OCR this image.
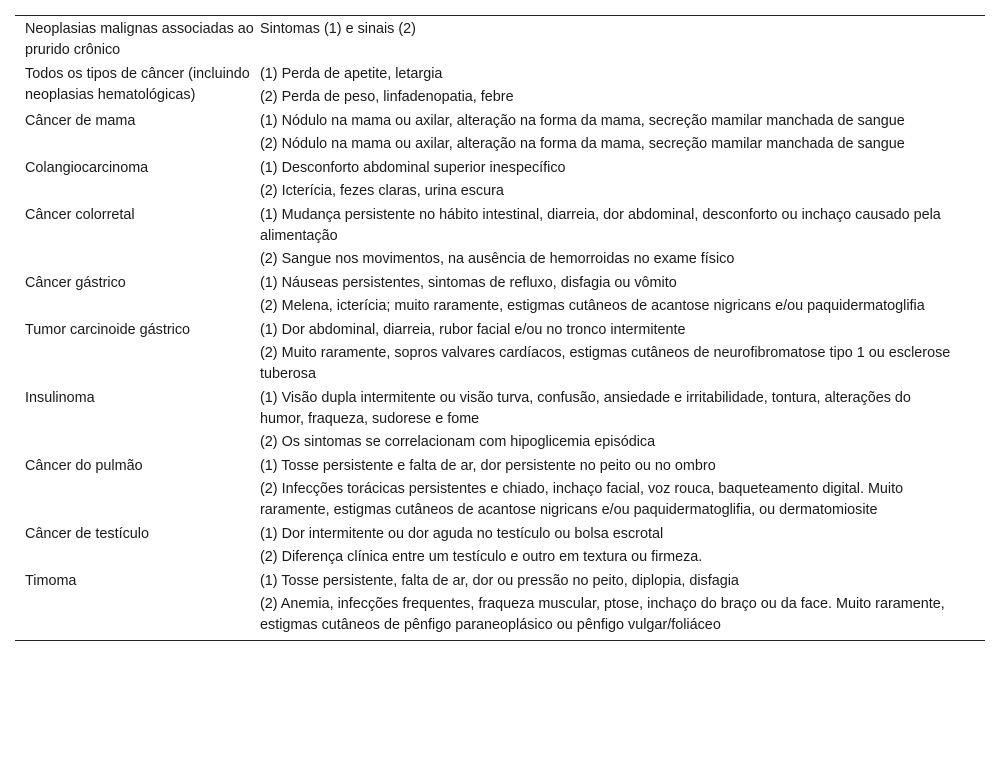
Neoplasias malignas associadas ao prurido crônico	Sintomas (1) e sinais (2)
Todos os tipos de câncer (incluindo neoplasias hematológicas)	(1) Perda de apetite, letargia
(2) Perda de peso, linfadenopatia, febre

Câncer de mama	(1) Nódulo na mama ou axilar, alteração na forma da mama, secreção mamilar manchada de sangue
(2) Nódulo na mama ou axilar, alteração na forma da mama, secreção mamilar manchada de sangue

Colangiocarcinoma	(1) Desconforto abdominal superior inespecífico
(2) Icterícia, fezes claras, urina escura

Câncer colorretal	(1) Mudança persistente no hábito intestinal, diarreia, dor abdominal, desconforto ou inchaço causado pela alimentação
(2) Sangue nos movimentos, na ausência de hemorroidas no exame físico

Câncer gástrico	(1) Náuseas persistentes, sintomas de refluxo, disfagia ou vômito
(2) Melena, icterícia; muito raramente, estigmas cutâneos de acantose nigricans e/ou paquidermatoglifia

Tumor carcinoide gástrico	(1) Dor abdominal, diarreia, rubor facial e/ou no tronco intermitente
(2) Muito raramente, sopros valvares cardíacos, estigmas cutâneos de neurofibromatose tipo 1 ou esclerose tuberosa

Insulinoma	(1) Visão dupla intermitente ou visão turva, confusão, ansiedade e irritabilidade, tontura, alterações do humor, fraqueza, sudorese e fome
(2) Os sintomas se correlacionam com hipoglicemia episódica

Câncer do pulmão	(1) Tosse persistente e falta de ar, dor persistente no peito ou no ombro
(2) Infecções torácicas persistentes e chiado, inchaço facial, voz rouca, baqueteamento digital. Muito raramente, estigmas cutâneos de acantose nigricans e/ou paquidermatoglifia, ou dermatomiosite

Câncer de testículo	(1) Dor intermitente ou dor aguda no testículo ou bolsa escrotal
(2) Diferença clínica entre um testículo e outro em textura ou firmeza.

Timoma	(1) Tosse persistente, falta de ar, dor ou pressão no peito, diplopia, disfagia
(2) Anemia, infecções frequentes, fraqueza muscular, ptose, inchaço do braço ou da face. Muito raramente, estigmas cutâneos de pênfigo paraneoplásico ou pênfigo vulgar/foliáceo
